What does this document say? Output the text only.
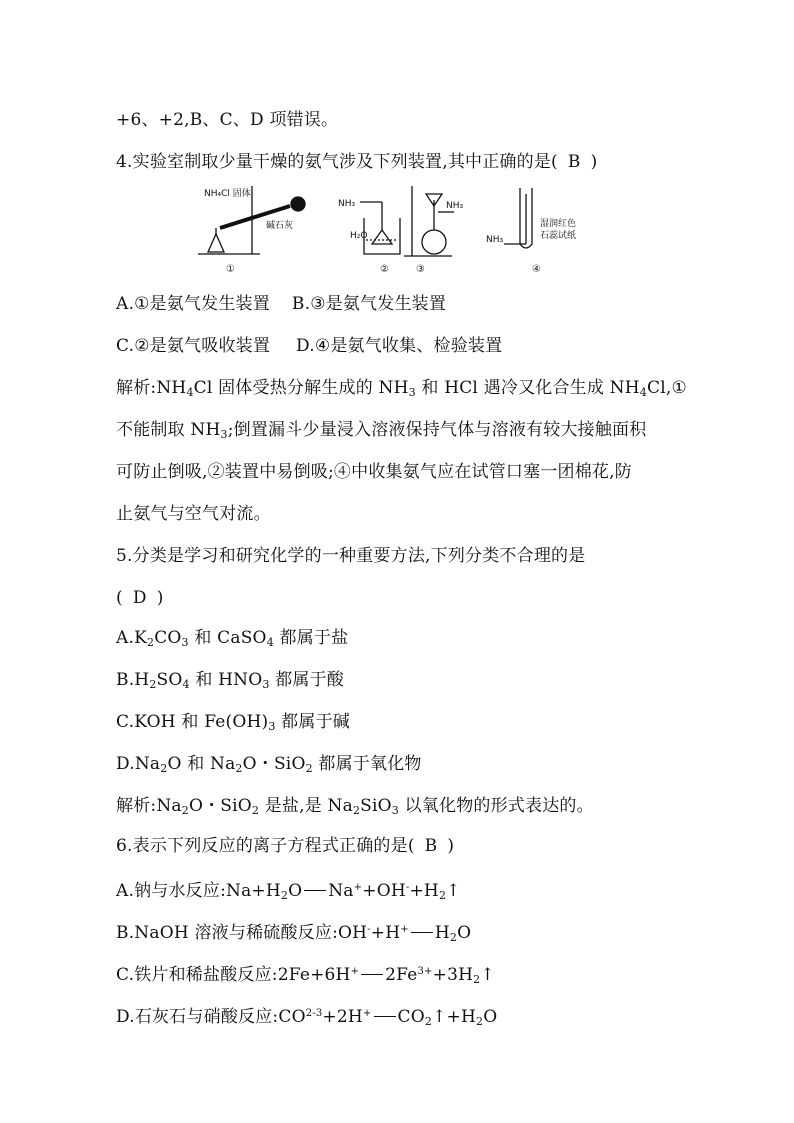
+6、+2,B、C、D 项错误。
4.实验室制取少量干燥的氨气涉及下列装置,其中正确的是( B )
NH₄Cl 固体
碱石灰
①
NH₃
H₂O
②
NH₃
③
NH₃
湿润红色
石蕊试纸
④
A.①是氨气发生装置 B.③是氨气发生装置
C.②是氨气吸收装置 D.④是氨气收集、检验装置
解析$:NH_4Cl$ 固体受热分解生成的 $NH_3$ 和 HCl 遇冷又化合生成 $NH_4Cl,①$
不能制取 $NH_3$;倒置漏斗少量浸入溶液保持气体与溶液有较大接触面积
可防止倒吸,②装置中易倒吸;④中收集氨气应在试管口塞一团棉花,防
止氨气与空气对流。
5.分类是学习和研究化学的一种重要方法,下列分类不合理的是
( D )
$A.K_2CO_3$ 和 CaSO$_4$ 都属于盐
$B.H_2SO_4$ 和 $HNO_3$ 都属于酸
C.KOH 和 $Fe(OH)_3$ 都属于碱
$D.Na_2O$ 和 $Na_2O$・SiO$_2$ 都属于氧化物
解析$:Na_2O$・SiO$_2$ 是盐,是 $Na_2SiO_3$ 以氧化物的形式表达的。
6.表示下列反应的离子方程式正确的是( B )
A.钠与水反应$:Na+H_2O$ $Na^++OH^-+H_2↑$
B.NaOH 溶液与稀硫酸反应:OH-+H+ $H_2O$
C.铁片和稀盐酸反应:2Fe+6H+ $2Fe^{3+}+3H_2↑$
D.石灰石与硝酸反应$:CO^{2-3}+2H^+$ $CO_2↑+H_2O$
